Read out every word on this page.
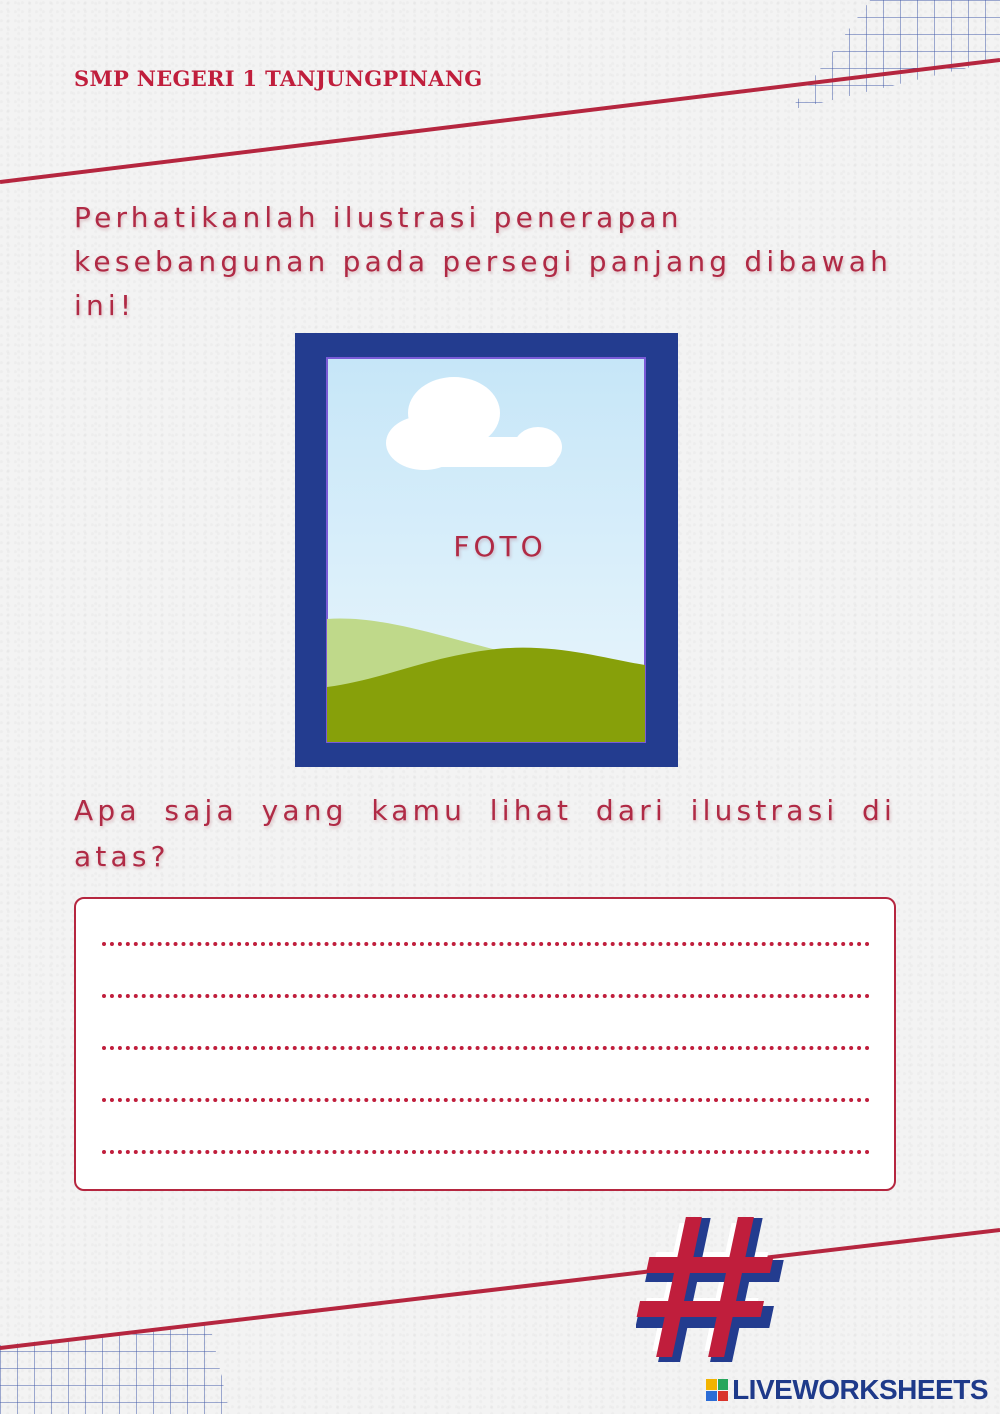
SMP NEGERI 1 TANJUNGPINANG

Perhatikanlah ilustrasi penerapan kesebangunan pada persegi panjang dibawah ini!

FOTO

Apa saja yang kamu lihat dari ilustrasi di atas?

LIVEWORKSHEETS
